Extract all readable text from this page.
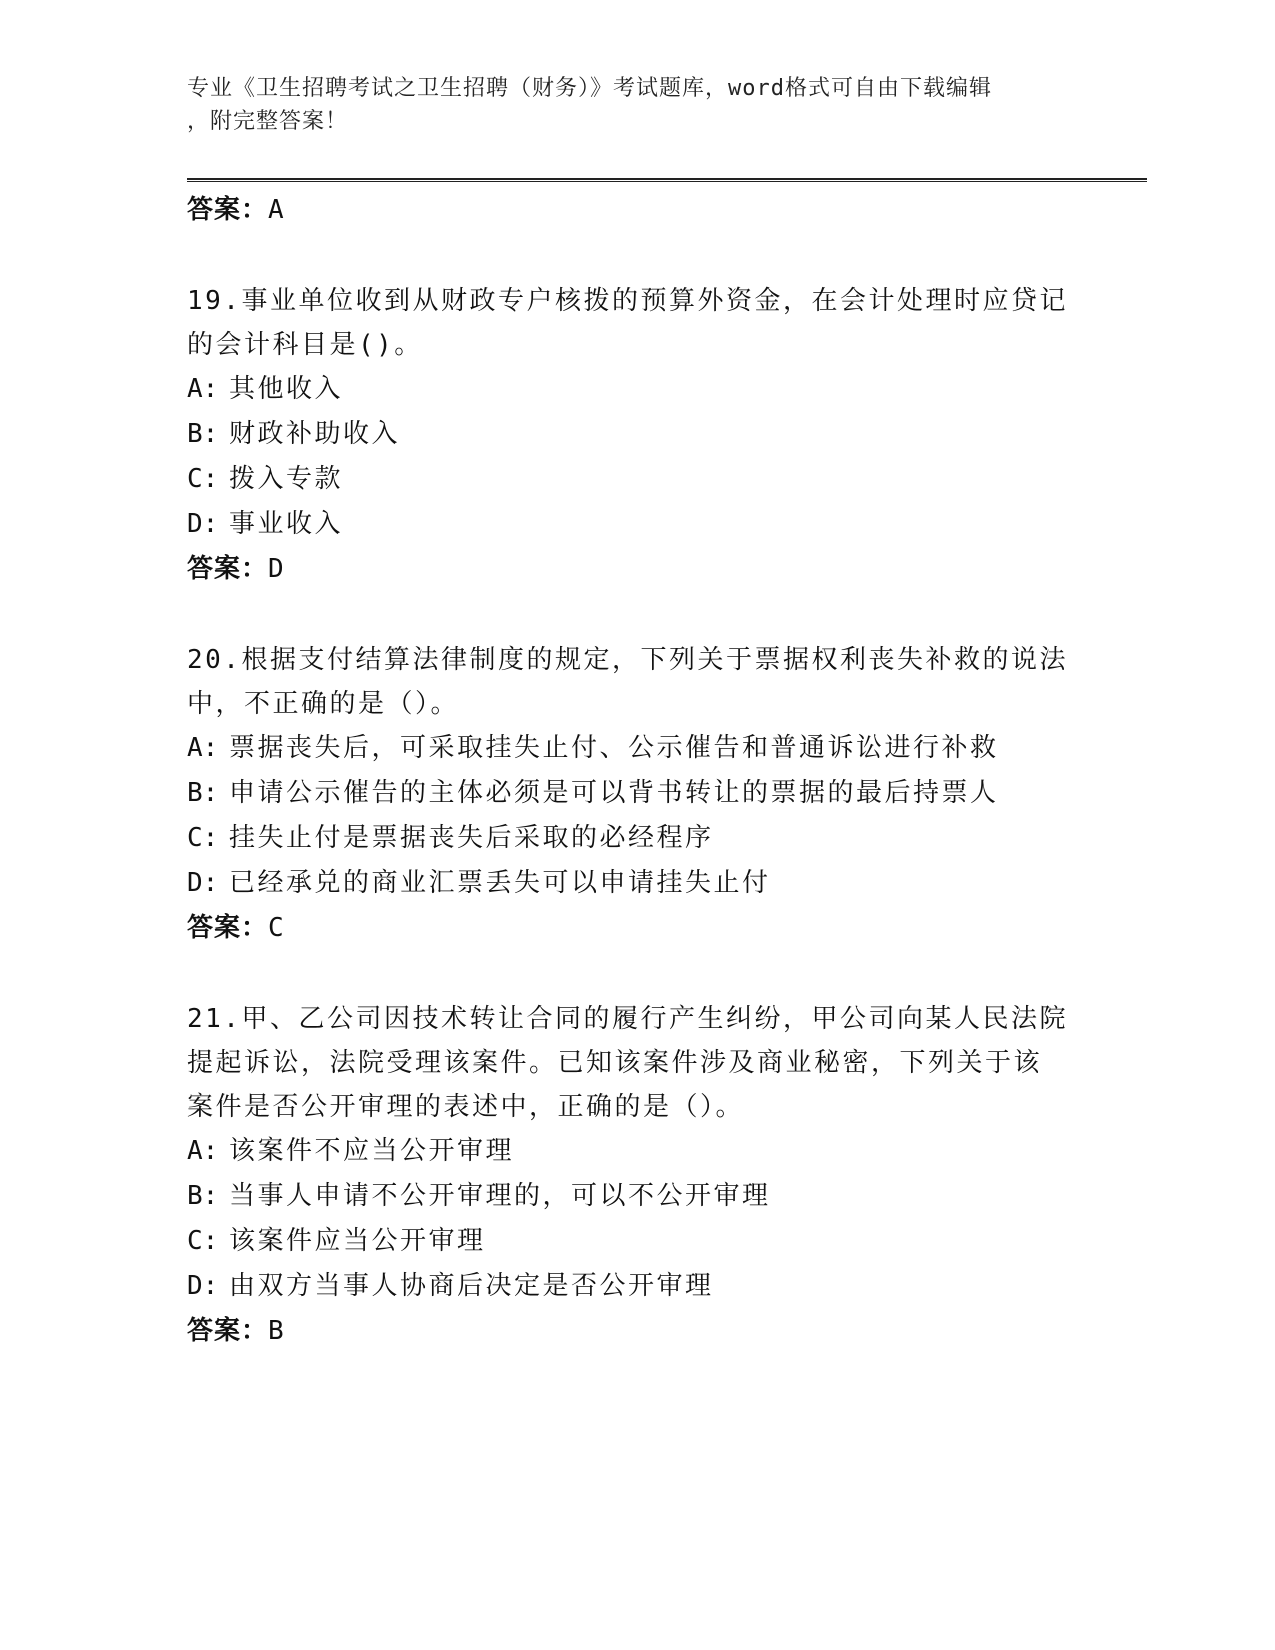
专业《卫生招聘考试之卫生招聘（财务）》考试题库，word格式可自由下载编辑
，附完整答案！
答案：A
19.事业单位收到从财政专户核拨的预算外资金，在会计处理时应贷记
的会计科目是()。
A: 其他收入
B: 财政补助收入
C: 拨入专款
D: 事业收入
答案：D
20.根据支付结算法律制度的规定，下列关于票据权利丧失补救的说法
中，不正确的是（）。
A: 票据丧失后，可采取挂失止付、公示催告和普通诉讼进行补救
B: 申请公示催告的主体必须是可以背书转让的票据的最后持票人
C: 挂失止付是票据丧失后采取的必经程序
D: 已经承兑的商业汇票丢失可以申请挂失止付
答案：C
21.甲、乙公司因技术转让合同的履行产生纠纷，甲公司向某人民法院
提起诉讼，法院受理该案件。已知该案件涉及商业秘密，下列关于该
案件是否公开审理的表述中，正确的是（）。
A: 该案件不应当公开审理
B: 当事人申请不公开审理的，可以不公开审理
C: 该案件应当公开审理
D: 由双方当事人协商后决定是否公开审理
答案：B
